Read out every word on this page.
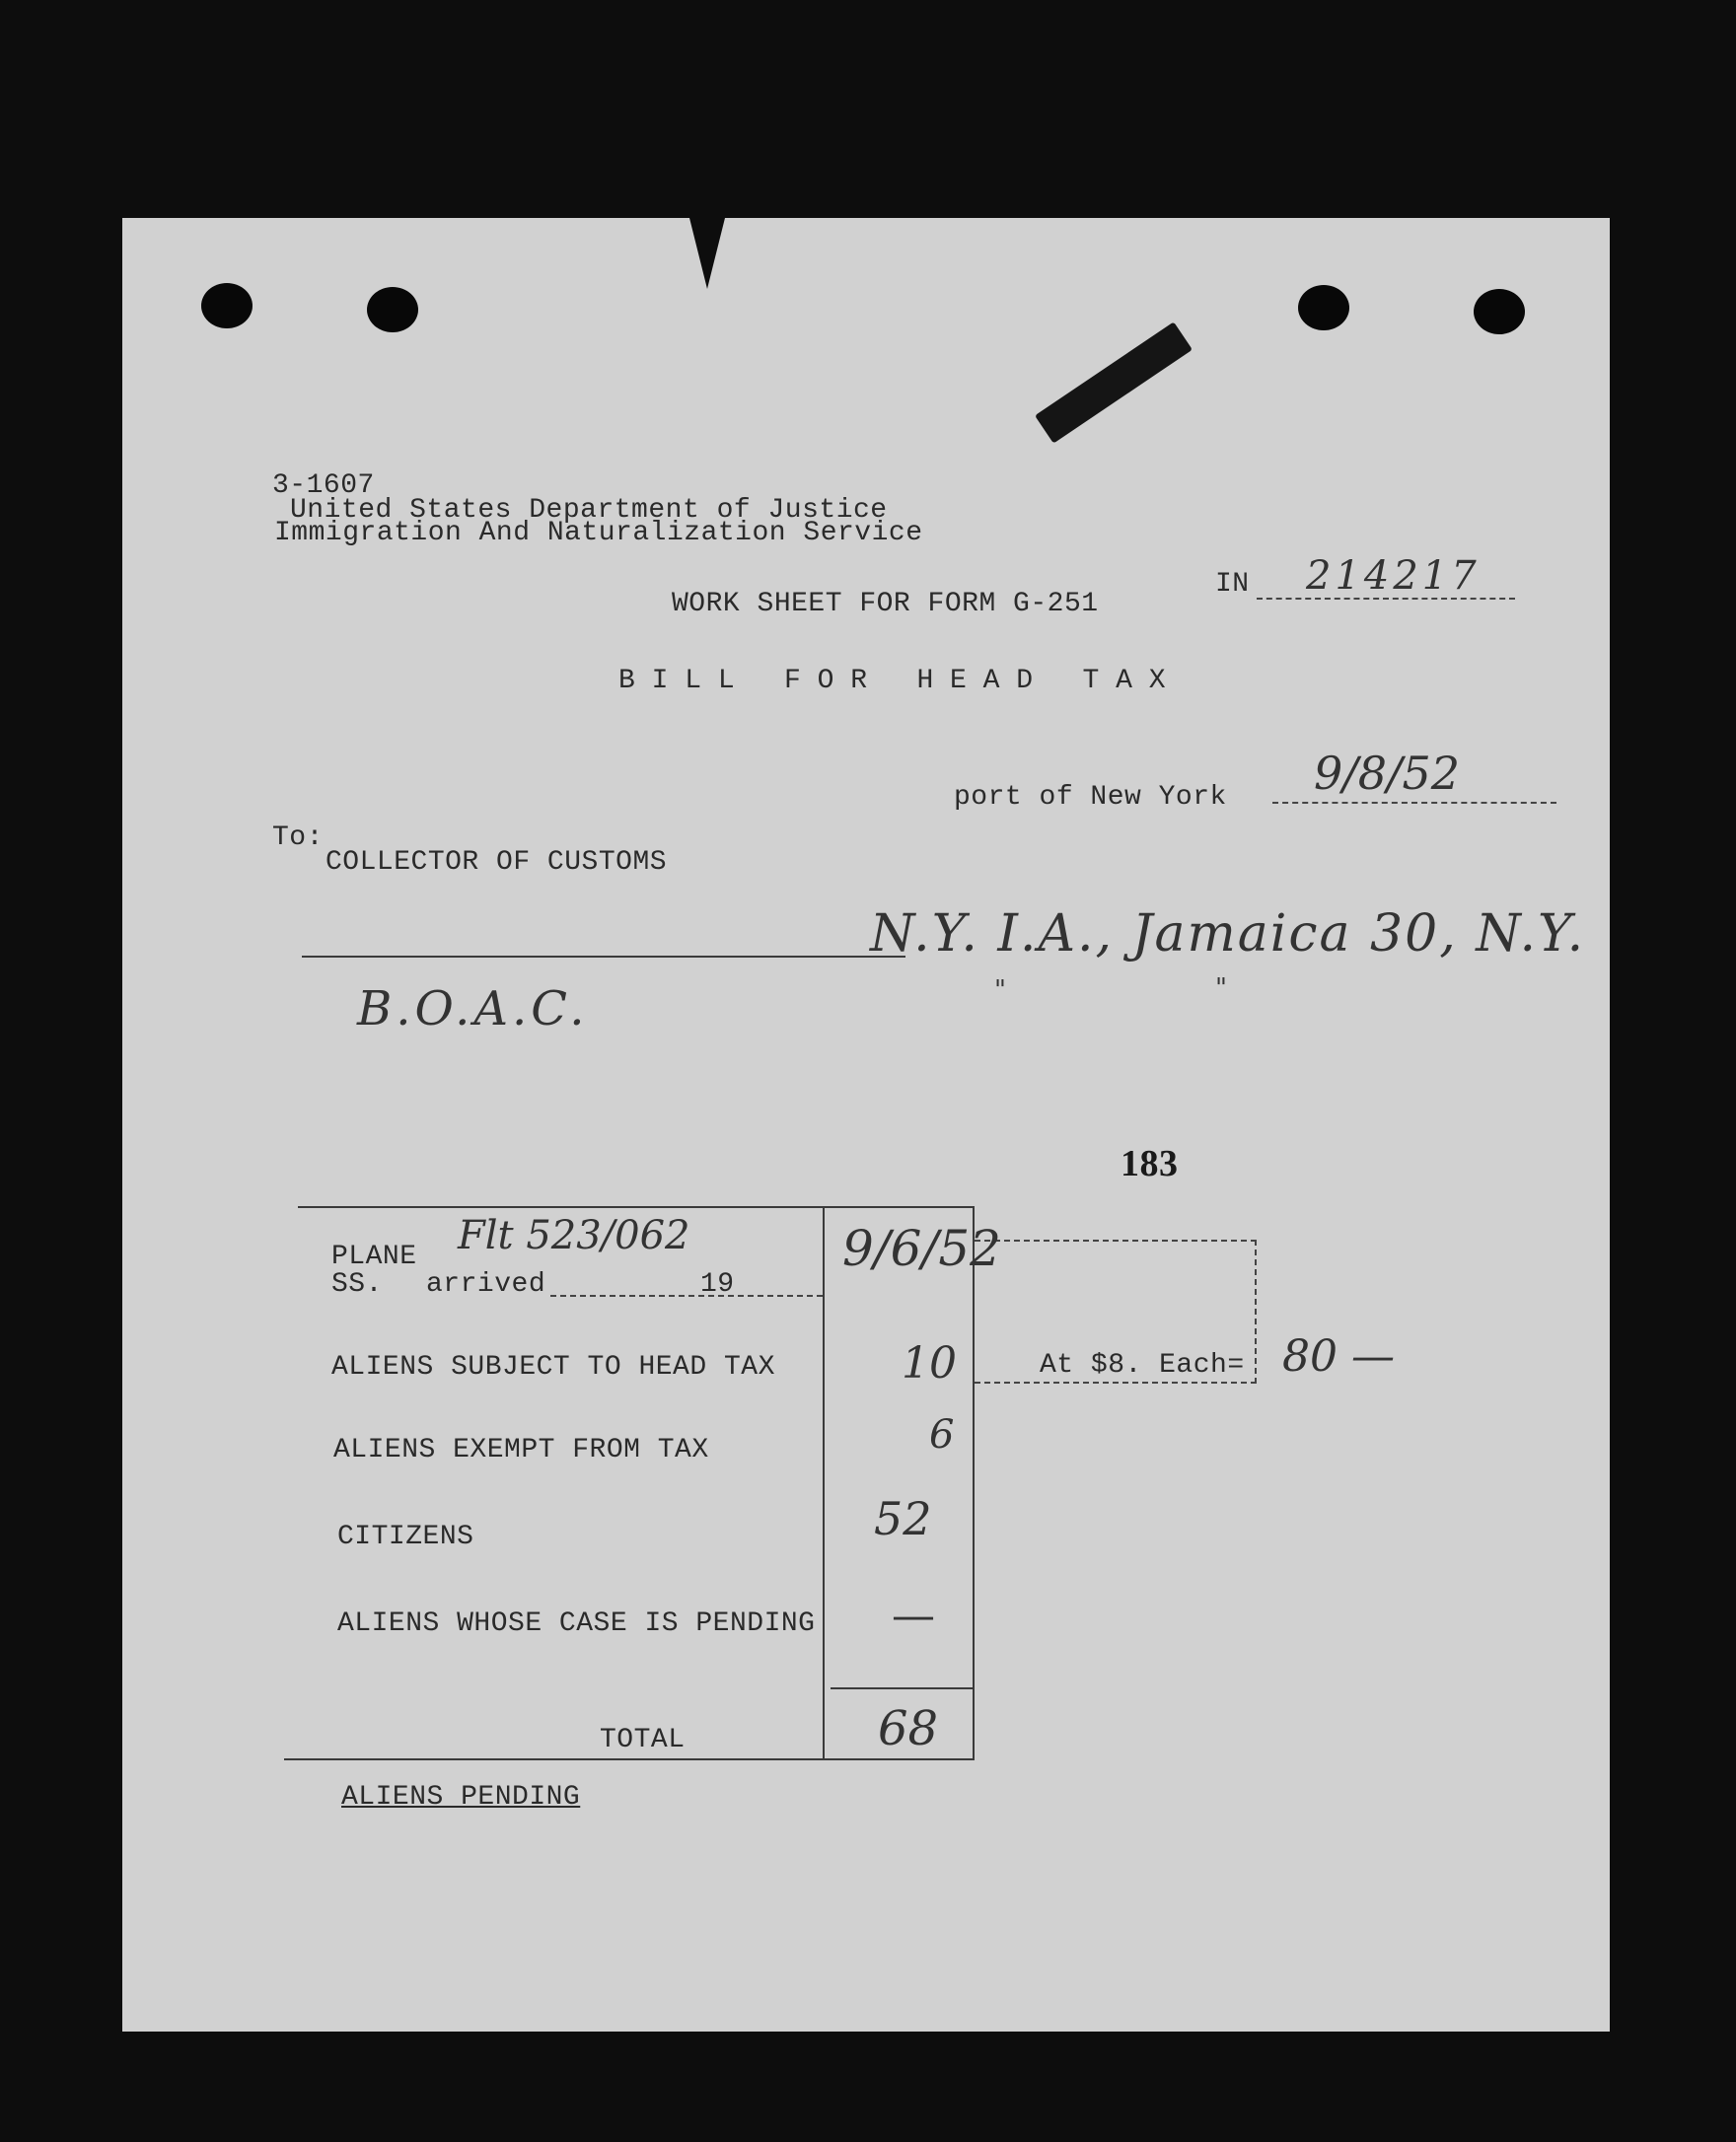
3-1607
United States Department of Justice
Immigration And Naturalization Service
IN 214217
WORK SHEET FOR FORM G-251
B I L L   F O R   H E A D   T A X
port of New York 9/8/52
To:
COLLECTOR OF CUSTOMS
N.Y. I.A., Jamaica 30, N.Y.
"	"
B.O.A.C.
183
PLANE Flt 523/062
SS. arrived	19
9/6/52
ALIENS SUBJECT TO HEAD TAX	10	At $8. Each= 80 —
ALIENS EXEMPT FROM TAX	6
CITIZENS	52
ALIENS WHOSE CASE IS PENDING —
TOTAL	68
ALIENS PENDING
